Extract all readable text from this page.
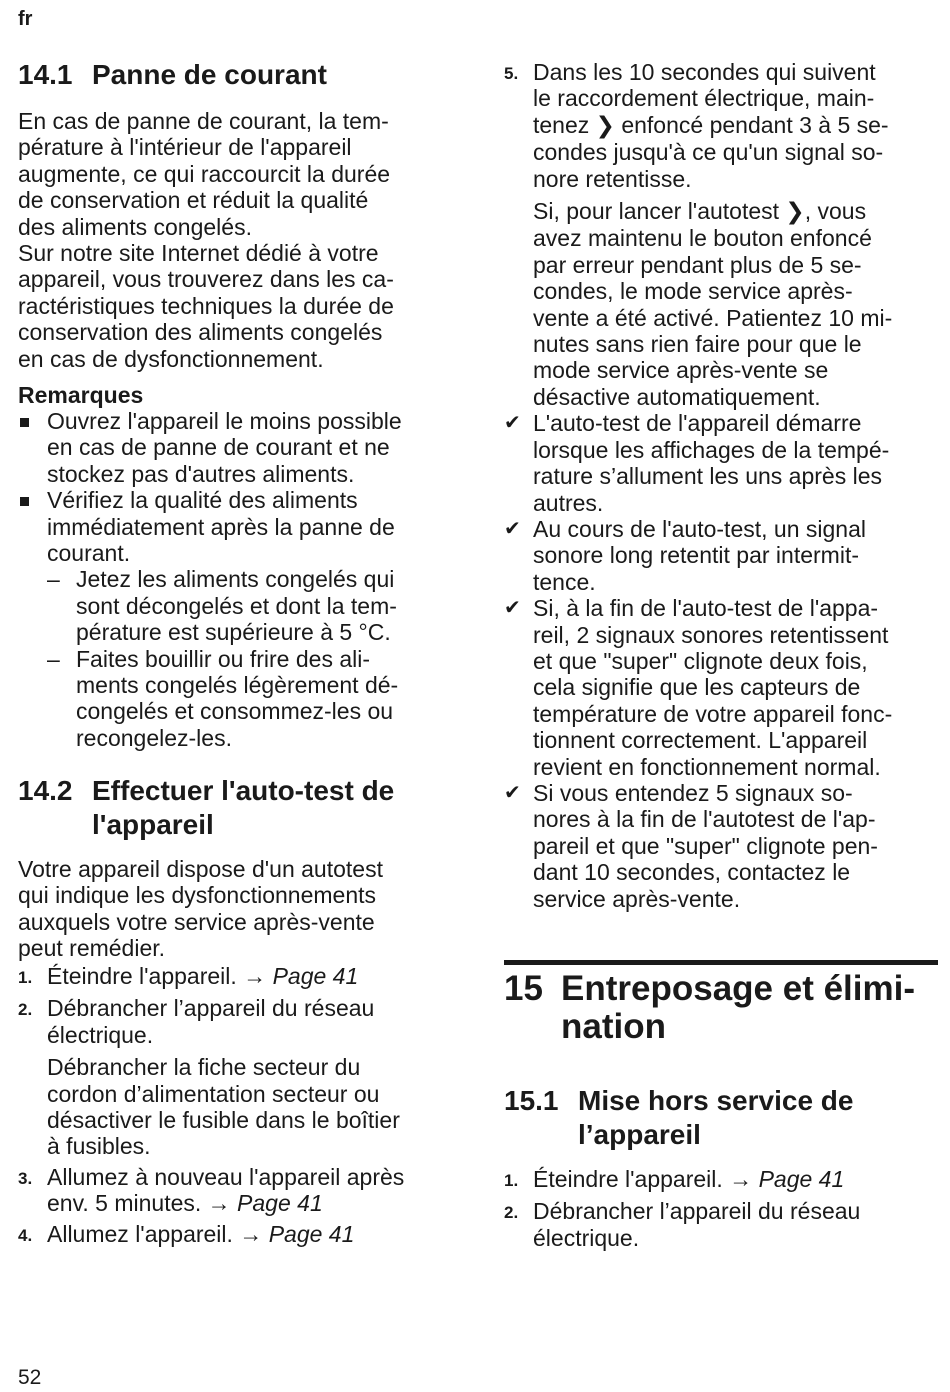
fr
14.1 Panne de courant

En cas de panne de courant, la tem-

pérature à l'intérieur de l'appareil

augmente, ce qui raccourcit la durée

de conservation et réduit la qualité

des aliments congelés.

Sur notre site Internet dédié à votre

appareil, vous trouverez dans les ca-

ractéristiques techniques la durée de

conservation des aliments congelés

en cas de dysfonctionnement.

Remarques

Ouvrez l'appareil le moins possible

en cas de panne de courant et ne

stockez pas d'autres aliments.

Vérifiez la qualité des aliments

immédiatement après la panne de

courant.

– Jetez les aliments congelés qui

sont décongelés et dont la tem-

pérature est supérieure à 5 °C.

– Faites bouillir ou frire des ali-

ments congelés légèrement dé-

congelés et consommez-les ou

recongelez-les.

14.2 Effectuer l'auto-test de
l'appareil

Votre appareil dispose d'un autotest

qui indique les dysfonctionnements

auxquels votre service après-vente

peut remédier.

1. Éteindre l'appareil. → Page 41

2. Débrancher l’appareil du réseau

électrique.

Débrancher la fiche secteur du

cordon d’alimentation secteur ou

désactiver le fusible dans le boîtier

à fusibles.

3. Allumez à nouveau l'appareil après

env. 5 minutes. → Page 41

4. Allumez l'appareil. → Page 41

5. Dans les 10 secondes qui suivent

le raccordement électrique, main-

tenez ❯ enfoncé pendant 3 à 5 se-

condes jusqu'à ce qu'un signal so-

nore retentisse.

Si, pour lancer l'autotest ❯, vous

avez maintenu le bouton enfoncé

par erreur pendant plus de 5 se-

condes, le mode service après-

vente a été activé. Patientez 10 mi-

nutes sans rien faire pour que le

mode service après-vente se

désactive automatiquement.

✔ L'auto-test de l'appareil démarre

lorsque les affichages de la tempé-

rature s’allument les uns après les

autres.

✔ Au cours de l'auto-test, un signal

sonore long retentit par intermit-

tence.

✔ Si, à la fin de l'auto-test de l'appa-

reil, 2 signaux sonores retentissent

et que "super" clignote deux fois,

cela signifie que les capteurs de

température de votre appareil fonc-

tionnent correctement. L'appareil

revient en fonctionnement normal.

✔ Si vous entendez 5 signaux so-

nores à la fin de l'autotest de l'ap-

pareil et que "super" clignote pen-

dant 10 secondes, contactez le

service après-vente.

15 Entreposage et élimi-
nation
15.1 Mise hors service de
l’appareil
1. Éteindre l'appareil. → Page 41

2. Débrancher l’appareil du réseau

électrique.

52
